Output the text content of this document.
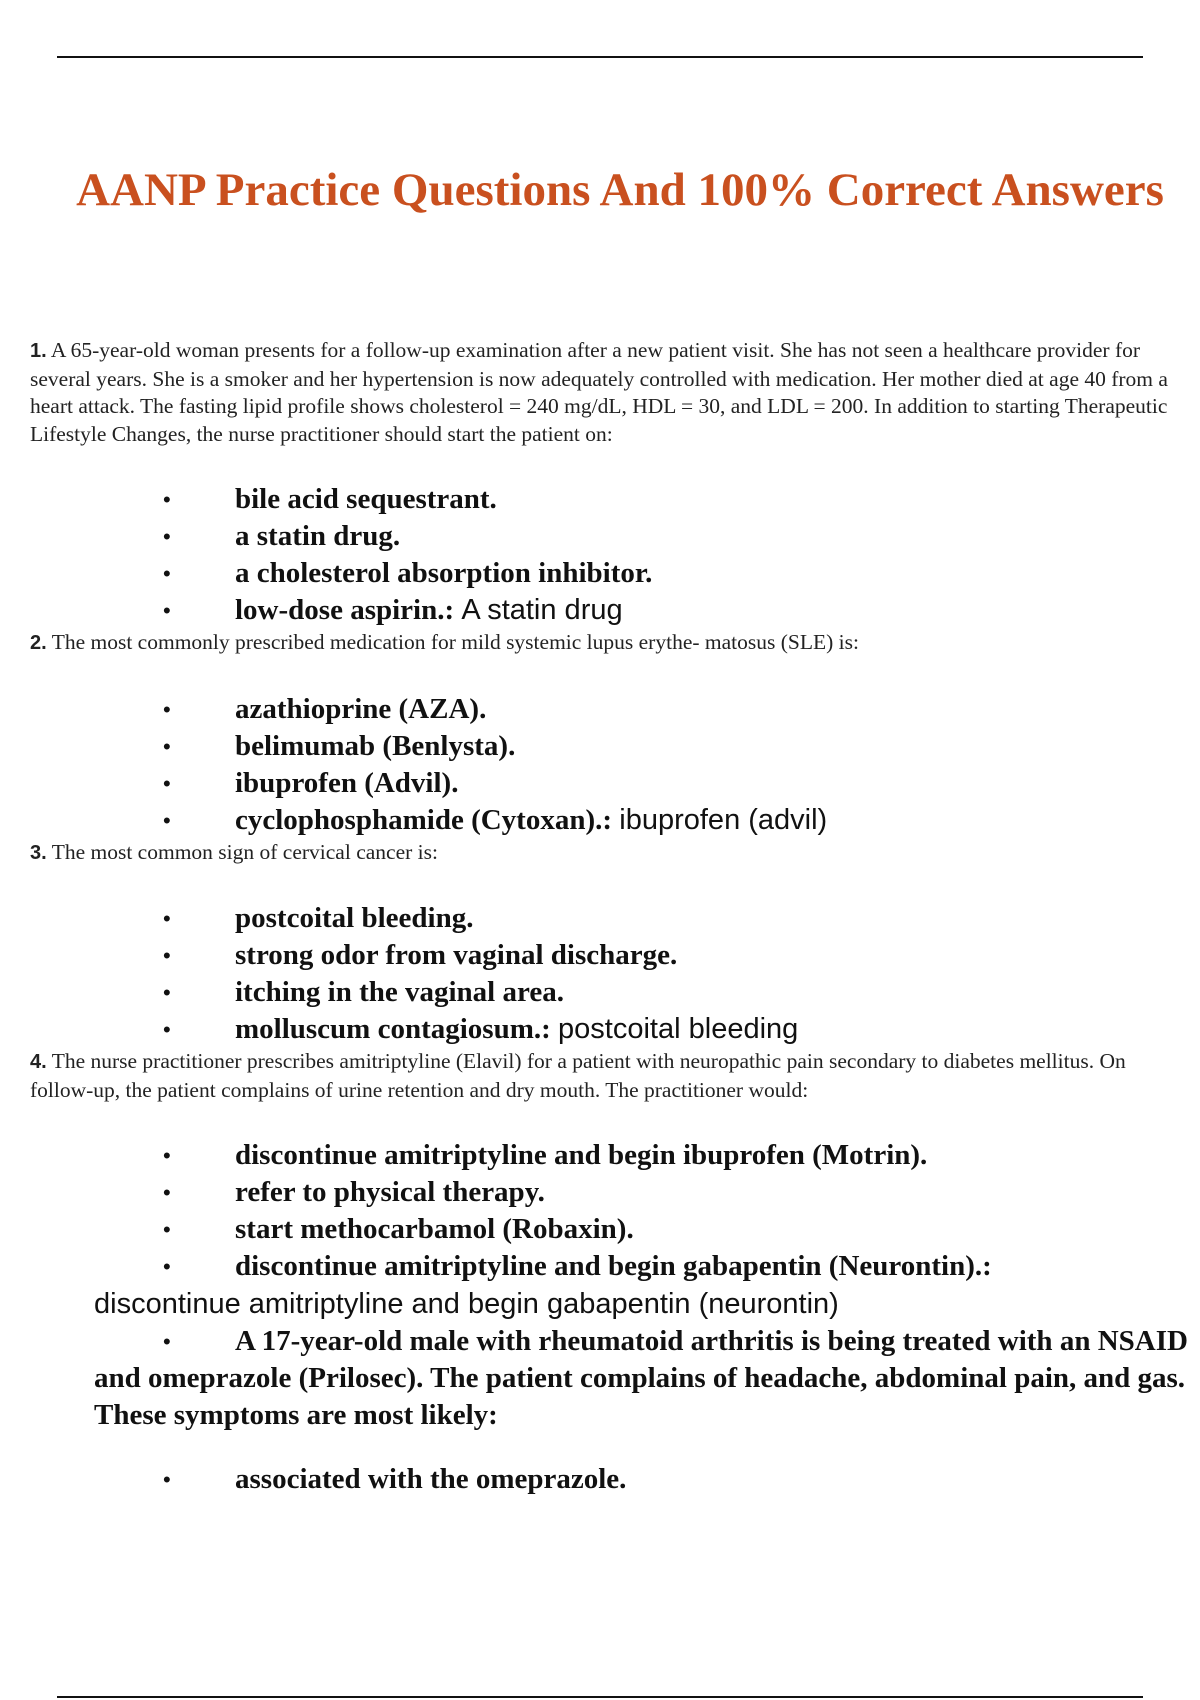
AANP Practice Questions And 100% Correct Answers

1. A 65-year-old woman presents for a follow-up examination after a new patient visit. She has not seen a healthcare provider for several years. She is a smoker and her hypertension is now adequately controlled with medication. Her mother died at age 40 from a heart attack. The fasting lipid profile shows cholesterol = 240 mg/dL, HDL = 30, and LDL = 200. In addition to starting Therapeutic Lifestyle Changes, the nurse practitioner should start the patient on:

• bile acid sequestrant.
• a statin drug.
• a cholesterol absorption inhibitor.
• low-dose aspirin.: A statin drug

2. The most commonly prescribed medication for mild systemic lupus erythe- matosus (SLE) is:

• azathioprine (AZA).
• belimumab (Benlysta).
• ibuprofen (Advil).
• cyclophosphamide (Cytoxan).: ibuprofen (advil)

3. The most common sign of cervical cancer is:

• postcoital bleeding.
• strong odor from vaginal discharge.
• itching in the vaginal area.
• molluscum contagiosum.: postcoital bleeding

4. The nurse practitioner prescribes amitriptyline (Elavil) for a patient with neuropathic pain secondary to diabetes mellitus. On follow-up, the patient complains of urine retention and dry mouth. The practitioner would:

• discontinue amitriptyline and begin ibuprofen (Motrin).
• refer to physical therapy.
• start methocarbamol (Robaxin).
• discontinue amitriptyline and begin gabapentin (Neurontin).:
discontinue amitriptyline and begin gabapentin (neurontin)
•	A 17-year-old male with rheumatoid arthritis is being treated with an NSAID and omeprazole (Prilosec). The patient complains of headache, abdominal pain, and gas. These symptoms are most likely:
• associated with the omeprazole.
